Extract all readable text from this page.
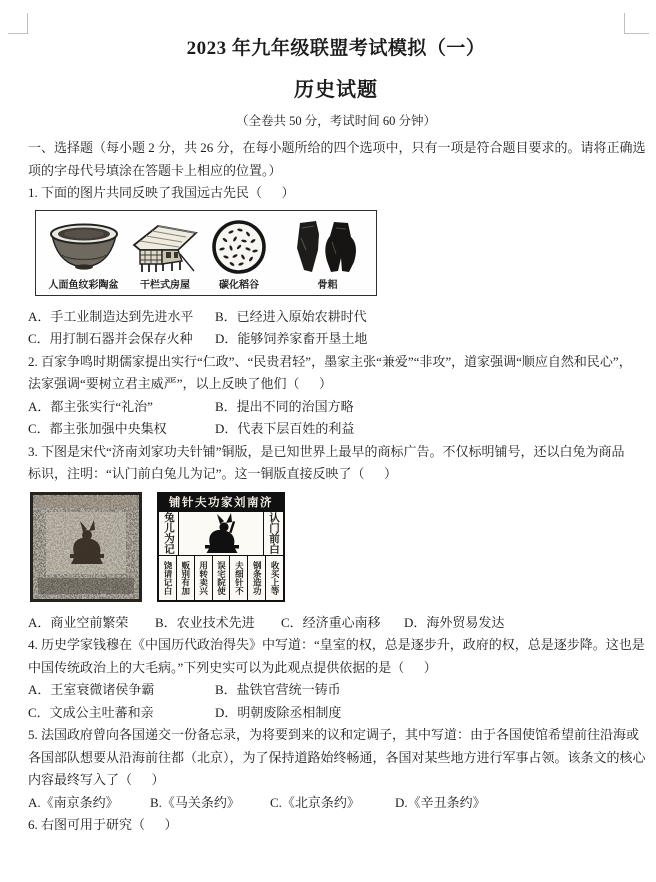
2023 年九年级联盟考试模拟（一）
历史试题
（全卷共 50 分，考试时间 60 分钟）
一、选择题（每小题 2 分，共 26 分，在每小题所给的四个选项中，只有一项是符合题目要求的。请将正确选
项的字母代号填涂在答题卡上相应的位置。）
1. 下面的图片共同反映了我国远古先民（      ）
人面鱼纹彩陶盆 干栏式房屋	碳化稻谷	骨耜
A．手工业制造达到先进水平 B．已经进入原始农耕时代
C．用打制石器并会保存火种 D．能够饲养家畜开垦土地
2. 百家争鸣时期儒家提出实行“仁政”、“民贵君轻”，墨家主张“兼爱”“非攻”，道家强调“顺应自然和民心”，
法家强调“要树立君主威严”，以上反映了他们（      ）
A．都主张实行“礼治”	B．提出不同的治国方略
C．都主张加强中央集权	D．代表下层百姓的利益
3. 下图是宋代“济南刘家功夫针铺”铜版，是已知世界上最早的商标广告。不仅标明铺号，还以白兔为商品
标识，注明：“认门前白兔儿为记”。这一铜版直接反映了（      ）
铺针夫功家刘南济
兔儿为记	认门前白
饶请记白 贩别有加 用转卖兴 误宅院使 夫细针不 钢条造功 收买上等
A．商业空前繁荣 B．农业技术先进 C．经济重心南移 D．海外贸易发达
4. 历史学家钱穆在《中国历代政治得失》中写道：“皇室的权，总是逐步升，政府的权，总是逐步降。这也是
中国传统政治上的大毛病。”下列史实可以为此观点提供依据的是（      ）
A．王室衰微诸侯争霸	B．盐铁官营统一铸币
C．文成公主吐蕃和亲	D．明朝废除丞相制度
5. 法国政府曾向各国递交一份备忘录，为将要到来的议和定调子，其中写道：由于各国使馆希望前往沿海或
各国部队想要从沿海前往都（北京），为了保持道路始终畅通，各国对某些地方进行军事占领。该条文的核心
内容最终写入了（      ）
A.《南京条约》 B.《马关条约》 C.《北京条约》	D.《辛丑条约》
6. 右图可用于研究（      ）
